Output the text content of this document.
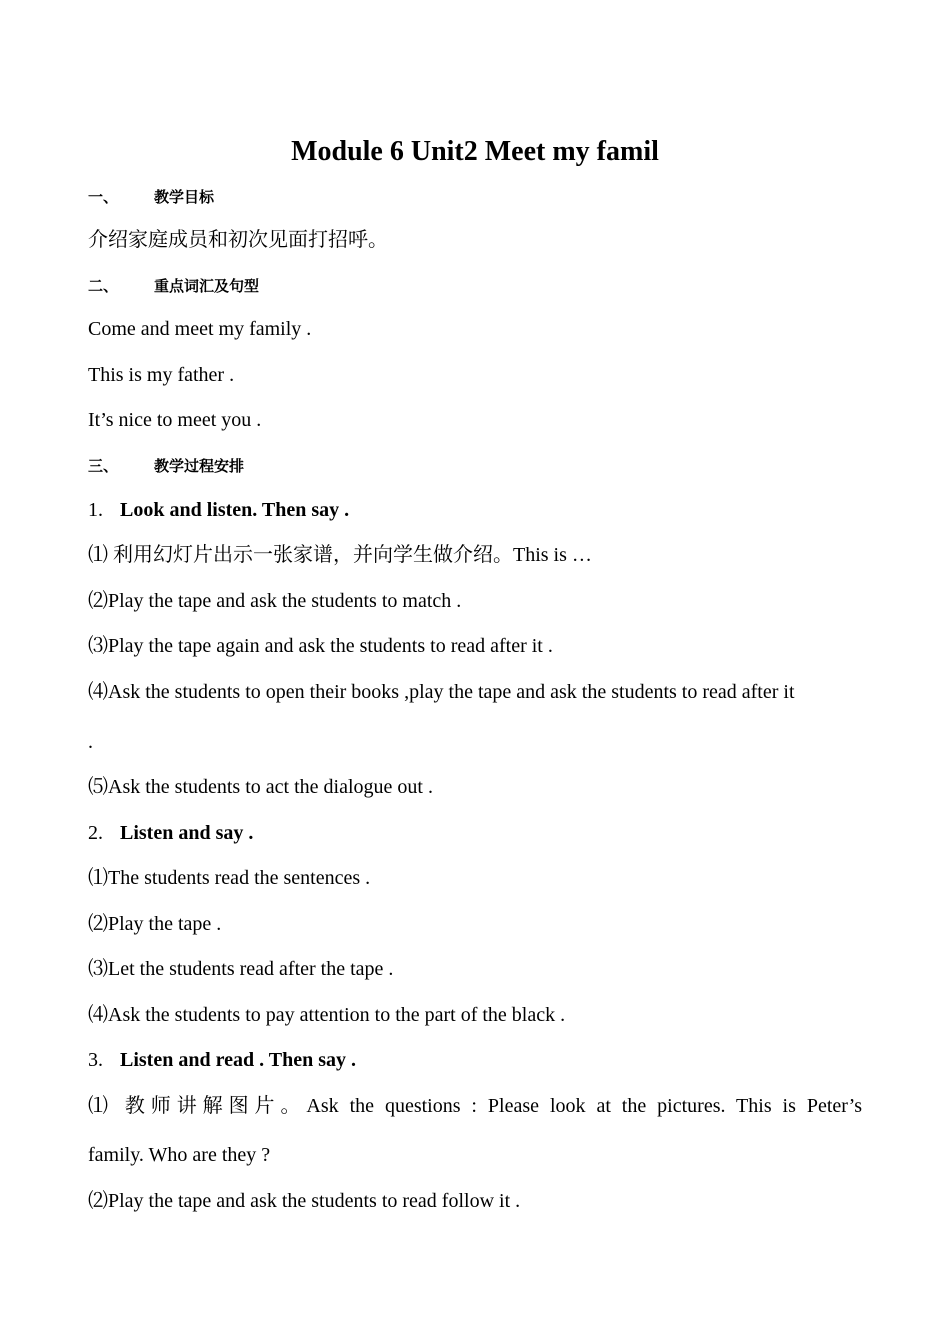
Module 6 Unit2 Meet my famil
一、 教学目标
介绍家庭成员和初次见面打招呼。
二、 重点词汇及句型
Come and meet my family .
This is my father .
It’s nice to meet you .
三、 教学过程安排
1. Look and listen. Then say .
⑴ 利用幻灯片出示一张家谱，并向学生做介绍。This is …
⑵Play the tape and ask the students to match .
⑶Play the tape again and ask the students to read after it .
⑷Ask the students to open their books ,play the tape and ask the students to read after it
.
⑸Ask the students to act the dialogue out .
2. Listen and say .
⑴The students read the sentences .
⑵Play the tape .
⑶Let the students read after the tape .
⑷Ask the students to pay attention to the part of the black .
3. Listen and read . Then say .
⑴ 教师讲解图片。Ask the questions : Please look at the pictures. This is Peter’s
family. Who are they ?
⑵Play the tape and ask the students to read follow it .
